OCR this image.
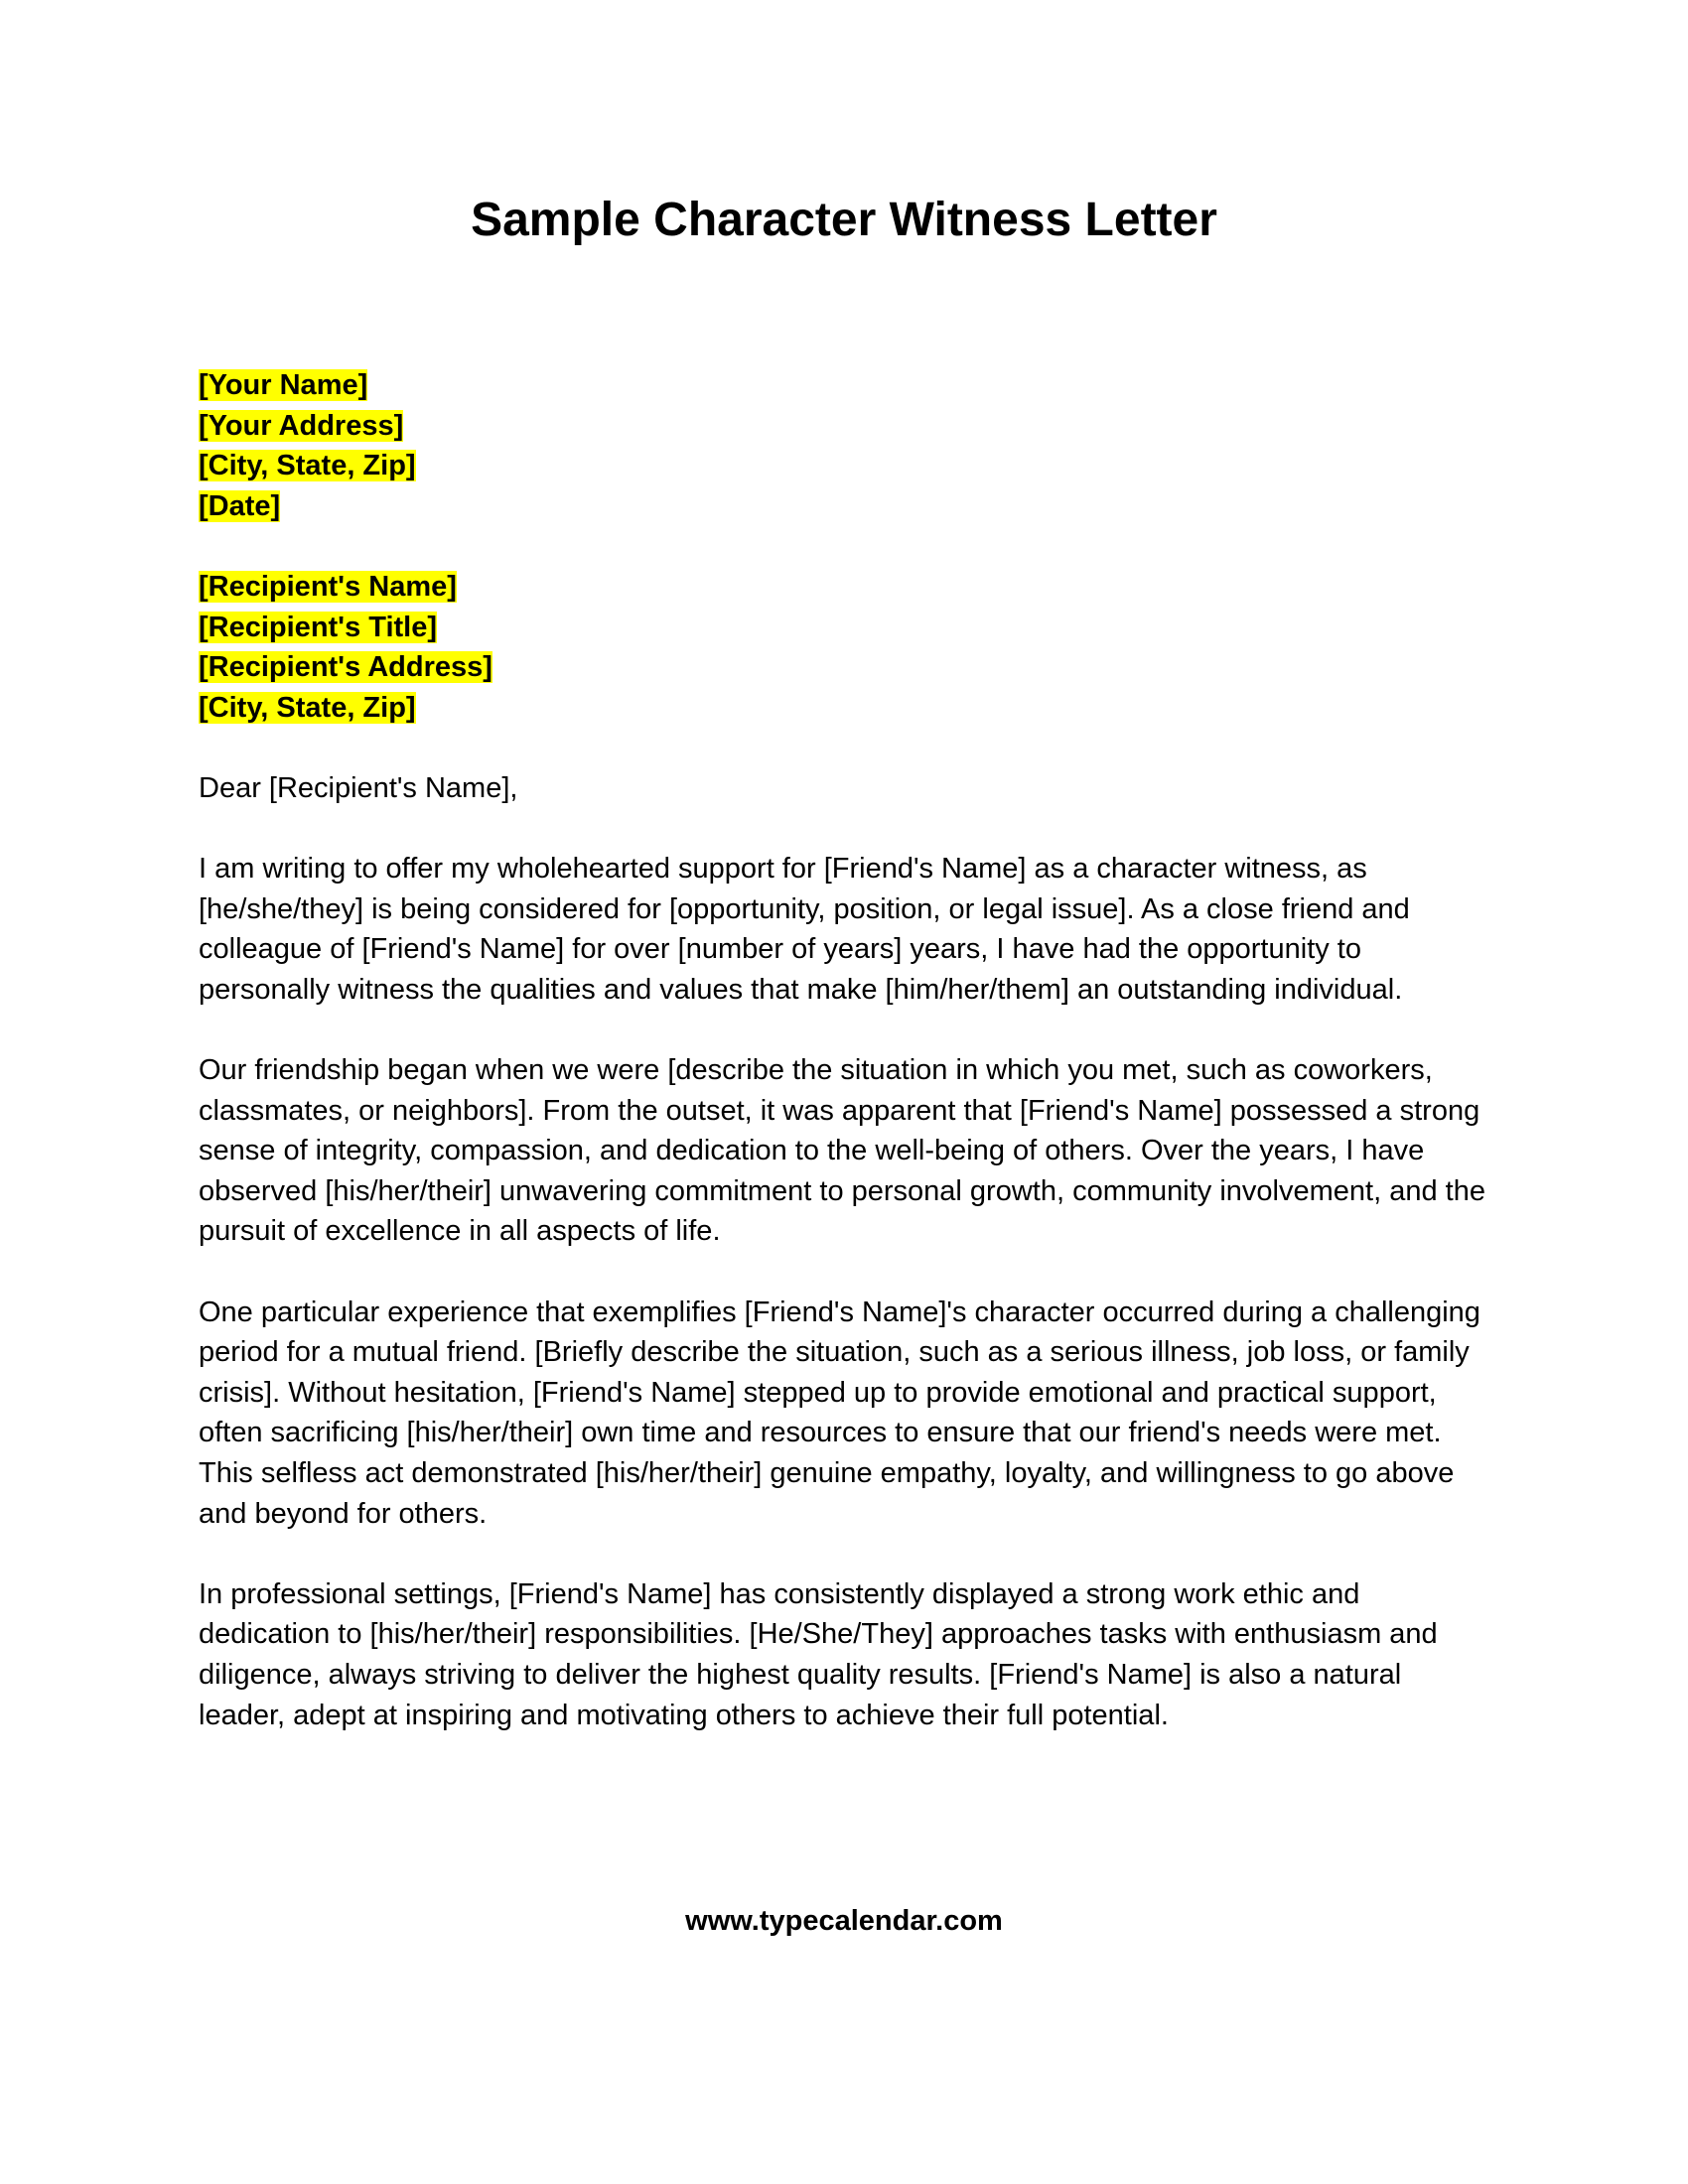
Sample Character Witness Letter
[Your Name]
[Your Address]
[City, State, Zip]
[Date]
[Recipient's Name]
[Recipient's Title]
[Recipient's Address]
[City, State, Zip]

Dear [Recipient's Name],

I am writing to offer my wholehearted support for [Friend's Name] as a character witness, as [he/she/they] is being considered for [opportunity, position, or legal issue]. As a close friend and colleague of [Friend's Name] for over [number of years] years, I have had the opportunity to personally witness the qualities and values that make [him/her/them] an outstanding individual.

Our friendship began when we were [describe the situation in which you met, such as coworkers, classmates, or neighbors]. From the outset, it was apparent that [Friend's Name] possessed a strong sense of integrity, compassion, and dedication to the well-being of others. Over the years, I have observed [his/her/their] unwavering commitment to personal growth, community involvement, and the pursuit of excellence in all aspects of life.

One particular experience that exemplifies [Friend's Name]'s character occurred during a challenging period for a mutual friend. [Briefly describe the situation, such as a serious illness, job loss, or family crisis]. Without hesitation, [Friend's Name] stepped up to provide emotional and practical support, often sacrificing [his/her/their] own time and resources to ensure that our friend's needs were met. This selfless act demonstrated [his/her/their] genuine empathy, loyalty, and willingness to go above and beyond for others.

In professional settings, [Friend's Name] has consistently displayed a strong work ethic and dedication to [his/her/their] responsibilities. [He/She/They] approaches tasks with enthusiasm and diligence, always striving to deliver the highest quality results. [Friend's Name] is also a natural leader, adept at inspiring and motivating others to achieve their full potential.

www.typecalendar.com
